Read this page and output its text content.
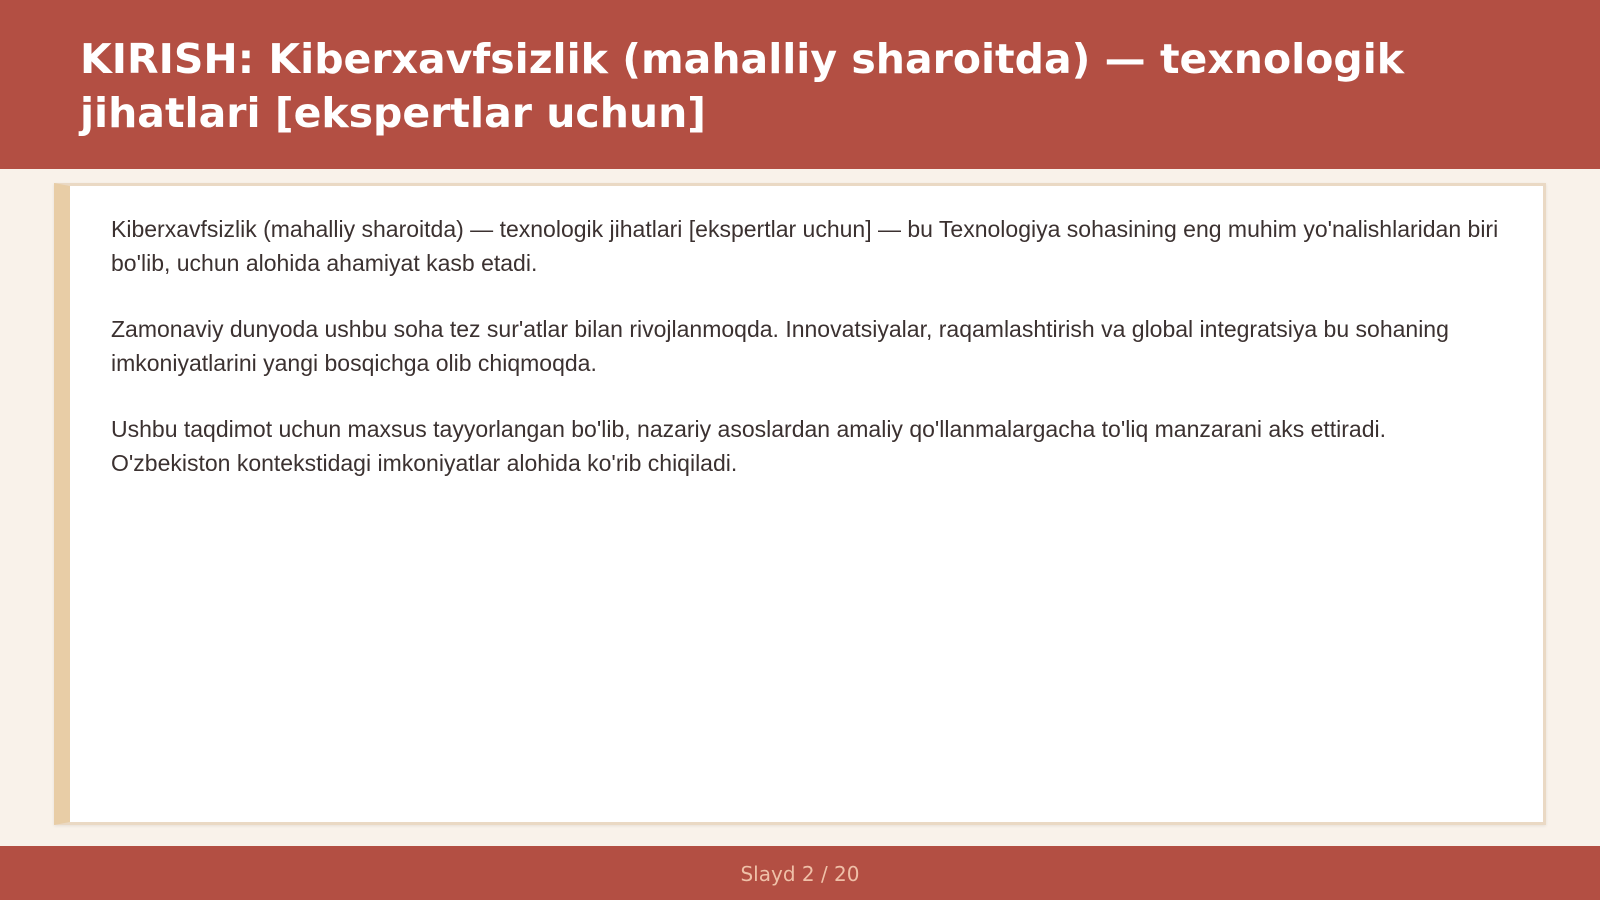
KIRISH: Kiberxavfsizlik (mahalliy sharoitda) — texnologik jihatlari [ekspertlar uchun]

Kiberxavfsizlik (mahalliy sharoitda) — texnologik jihatlari [ekspertlar uchun] — bu Texnologiya sohasining eng muhim yo'nalishlaridan biri bo'lib, uchun alohida ahamiyat kasb etadi.

Zamonaviy dunyoda ushbu soha tez sur'atlar bilan rivojlanmoqda. Innovatsiyalar, raqamlashtirish va global integratsiya bu sohaning imkoniyatlarini yangi bosqichga olib chiqmoqda.

Ushbu taqdimot uchun maxsus tayyorlangan bo'lib, nazariy asoslardan amaliy qo'llanmalargacha to'liq manzarani aks ettiradi. O'zbekiston kontekstidagi imkoniyatlar alohida ko'rib chiqiladi.

Slayd 2 / 20
